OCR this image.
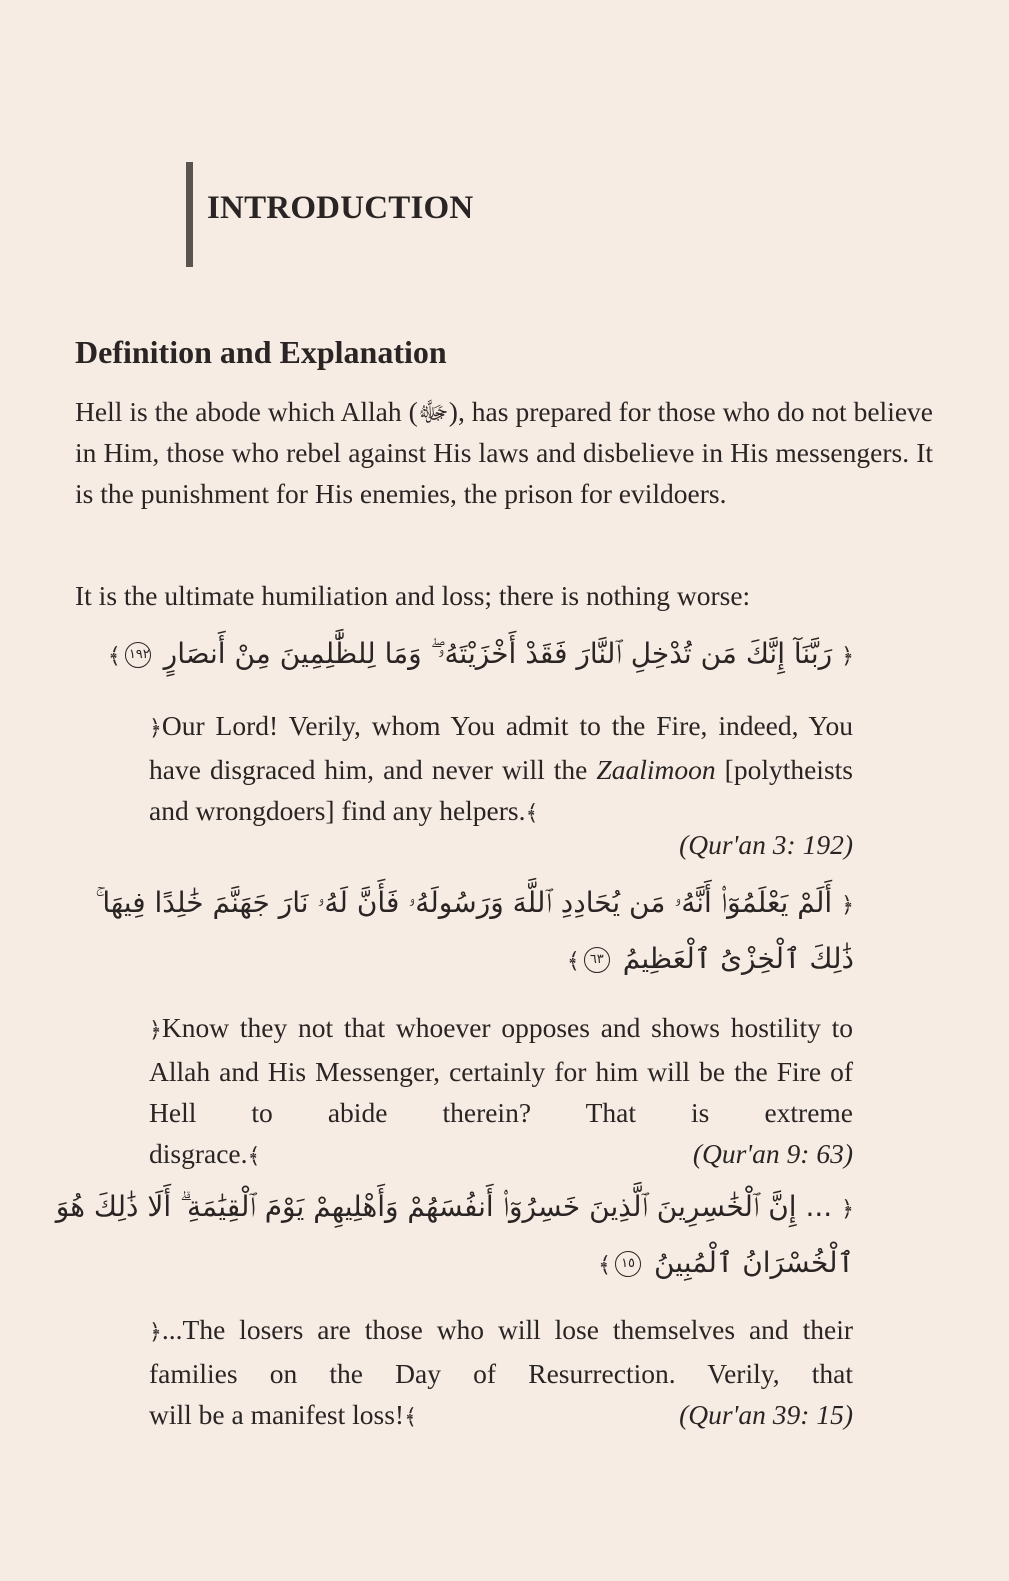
INTRODUCTION
Definition and Explanation

Hell is the abode which Allah (ﷻ), has prepared for those who do not believe in Him, those who rebel against His laws and disbelieve in His messengers. It is the punishment for His enemies, the prison for evildoers.

It is the ultimate humiliation and loss; there is nothing worse:

﴿ رَبَّنَآ إِنَّكَ مَن تُدْخِلِ ٱلنَّارَ فَقَدْ أَخْزَيْتَهُۥ ۖ وَمَا لِلظَّٰلِمِينَ مِنْ أَنصَارٍ ١٩٢﴾

﴿Our Lord! Verily, whom You admit to the Fire, indeed, You have disgraced him, and never will the Zaalimoon [polytheists and wrongdoers] find any helpers.﴾

(Qur'an 3: 192)

﴿ أَلَمْ يَعْلَمُوٓا۟ أَنَّهُۥ مَن يُحَادِدِ ٱللَّهَ وَرَسُولَهُۥ فَأَنَّ لَهُۥ نَارَ جَهَنَّمَ خَٰلِدًا فِيهَا ۚ

ذَٰلِكَ ٱلْخِزْىُ ٱلْعَظِيمُ ٦٣﴾

﴿Know they not that whoever opposes and shows hostility to Allah and His Messenger, certainly for him will be the Fire of Hell to abide therein? That is extreme

disgrace.﴾	(Qur'an 9: 63)

﴿ ... إِنَّ ٱلْخَٰسِرِينَ ٱلَّذِينَ خَسِرُوٓا۟ أَنفُسَهُمْ وَأَهْلِيهِمْ يَوْمَ ٱلْقِيَٰمَةِ ۗ أَلَا ذَٰلِكَ هُوَ

ٱلْخُسْرَانُ ٱلْمُبِينُ ١٥﴾

﴿...The losers are those who will lose themselves and their families on the Day of Resurrection. Verily, that

will be a manifest loss!﴾	(Qur'an 39: 15)
